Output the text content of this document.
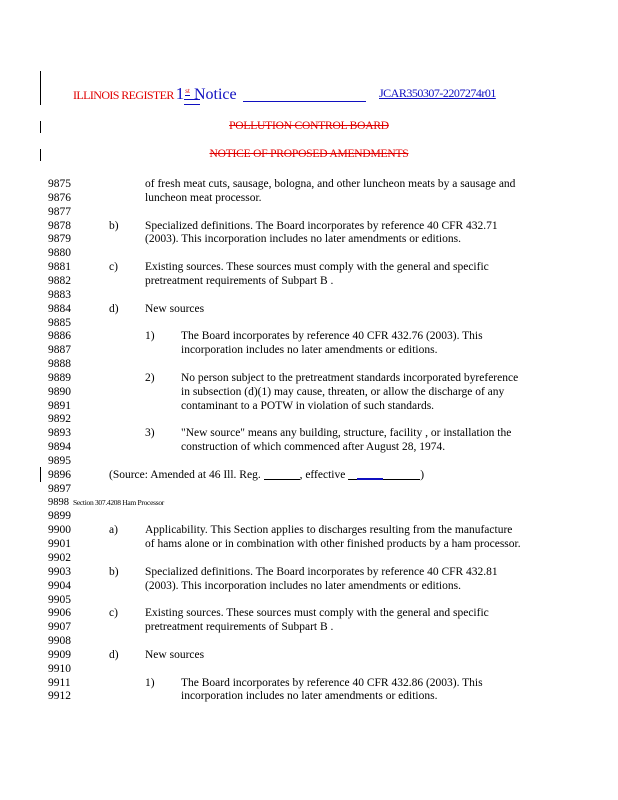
ILLINOIS REGISTER 1st Notice	JCAR350307-2207274r01
POLLUTION CONTROL BOARD
NOTICE OF PROPOSED AMENDMENTS
9875	of fresh meat cuts, sausage, bologna, and other luncheon meats by a sausage and
9876	luncheon meat processor.
9877
9878	b) Specialized definitions. The Board incorporates by reference 40 CFR 432.71
9879	(2003). This incorporation includes no later amendments or editions.
9880
9881	c) Existing sources. These sources must comply with the general and specific
9882	pretreatment requirements of Subpart B .
9883
9884	d) New sources
9885
9886	1) The Board incorporates by reference 40 CFR 432.76 (2003). This
9887	incorporation includes no later amendments or editions.
9888
9889	2) No person subject to the pretreatment standards incorporated byreference
9890	in subsection (d)(1) may cause, threaten, or allow the discharge of any
9891	contaminant to a POTW in violation of such standards.
9892
9893	3) "New source" means any building, structure, facility , or installation the
9894	construction of which commenced after August 28, 1974.
9895
9896	(Source: Amended at 46 Ill. Reg.	, effective	)
9897
9898 Section 307.4208 Ham Processor
9899
9900	a) Applicability. This Section applies to discharges resulting from the manufacture
9901	of hams alone or in combination with other finished products by a ham processor.
9902
9903	b) Specialized definitions. The Board incorporates by reference 40 CFR 432.81
9904	(2003). This incorporation includes no later amendments or editions.
9905
9906	c) Existing sources. These sources must comply with the general and specific
9907	pretreatment requirements of Subpart B .
9908
9909	d) New sources
9910
9911	1) The Board incorporates by reference 40 CFR 432.86 (2003). This
9912	incorporation includes no later amendments or editions.
